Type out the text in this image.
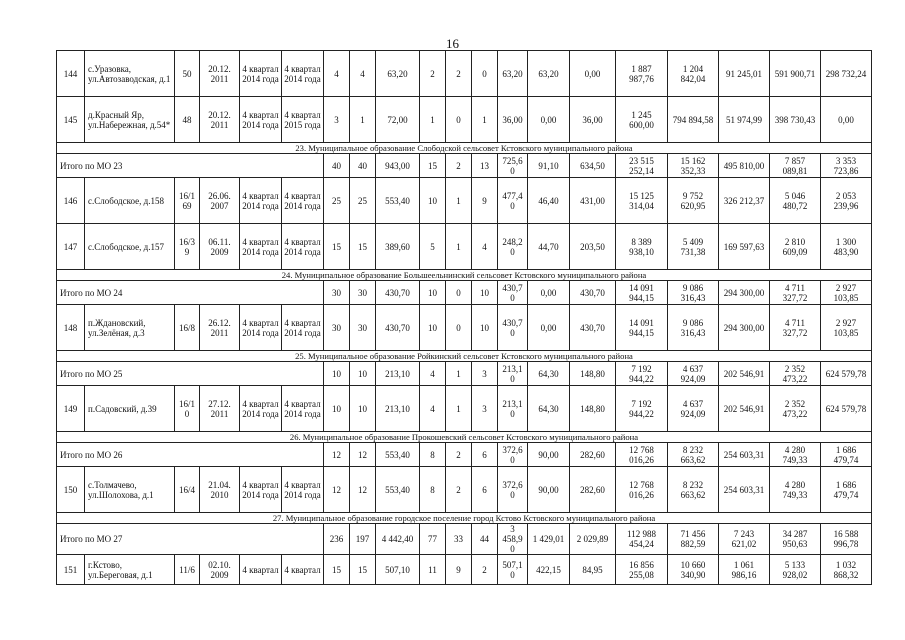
16
144	с.Уразовка, ул.Автозаводская, д.1	50	20.12. 2011	4 квартал 2014 года	4 квартал 2014 года	4	4	63,20	2	2	0	63,20	63,20	0,00	1 887 987,76	1 204 842,04	91 245,01	591 900,71	298 732,24
145	д.Красный Яр, ул.Набережная, д.54*	48	20.12. 2011	4 квартал 2014 года	4 квартал 2015 года	3	1	72,00	1	0	1	36,00	0,00	36,00	1 245 600,00	794 894,58	51 974,99	398 730,43	0,00
23. Муниципальное образование Слободской сельсовет Кстовского муниципального района																			
Итого по МО 23						40	40	943,00	15	2	13	725,6 0	91,10	634,50	23 515 252,14	15 162 352,33	495 810,00	7 857 089,81	3 353 723,86
146	с.Слободское, д.158	16/1 69	26.06. 2007	4 квартал 2014 года	4 квартал 2014 года	25	25	553,40	10	1	9	477,4 0	46,40	431,00	15 125 314,04	9 752 620,95	326 212,37	5 046 480,72	2 053 239,96
147	с.Слободское, д.157	16/3 9	06.11. 2009	4 квартал 2014 года	4 квартал 2014 года	15	15	389,60	5	1	4	248,2 0	44,70	203,50	8 389 938,10	5 409 731,38	169 597,63	2 810 609,09	1 300 483,90
24. Муниципальное образование Большеельнинский сельсовет Кстовского муниципального района																			
Итого по МО 24						30	30	430,70	10	0	10	430,7 0	0,00	430,70	14 091 944,15	9 086 316,43	294 300,00	4 711 327,72	2 927 103,85
148	п.Ждановский, ул.Зелёная, д.3	16/8	26.12. 2011	4 квартал 2014 года	4 квартал 2014 года	30	30	430,70	10	0	10	430,7 0	0,00	430,70	14 091 944,15	9 086 316,43	294 300,00	4 711 327,72	2 927 103,85
25. Муниципальное образование Ройкинский сельсовет Кстовского муниципального района																			
Итого по МО 25						10	10	213,10	4	1	3	213,1 0	64,30	148,80	7 192 944,22	4 637 924,09	202 546,91	2 352 473,22	624 579,78
149	п.Садовский, д.39	16/1 0	27.12. 2011	4 квартал 2014 года	4 квартал 2014 года	10	10	213,10	4	1	3	213,1 0	64,30	148,80	7 192 944,22	4 637 924,09	202 546,91	2 352 473,22	624 579,78
26. Муниципальное образование Прокошевский сельсовет Кстовского муниципального района																			
Итого по МО 26						12	12	553,40	8	2	6	372,6 0	90,00	282,60	12 768 016,26	8 232 663,62	254 603,31	4 280 749,33	1 686 479,74
150	с.Толмачево, ул.Шолохова, д.1	16/4	21.04. 2010	4 квартал 2014 года	4 квартал 2014 года	12	12	553,40	8	2	6	372,6 0	90,00	282,60	12 768 016,26	8 232 663,62	254 603,31	4 280 749,33	1 686 479,74
27. Муниципальное образование городское поселение город Кстово Кстовского муниципального района																			
Итого по МО 27						236	197	4 442,40	77	33	44	3 458,9 0	1 429,01	2 029,89	112 988 454,24	71 456 882,59	7 243 621,02	34 287 950,63	16 588 996,78
151	г.Кстово, ул.Береговая, д.1	11/6	02.10. 2009	4 квартал	4 квартал	15	15	507,10	11	9	2	507,1 0	422,15	84,95	16 856 255,08	10 660 340,90	1 061 986,16	5 133 928,02	1 032 868,32
